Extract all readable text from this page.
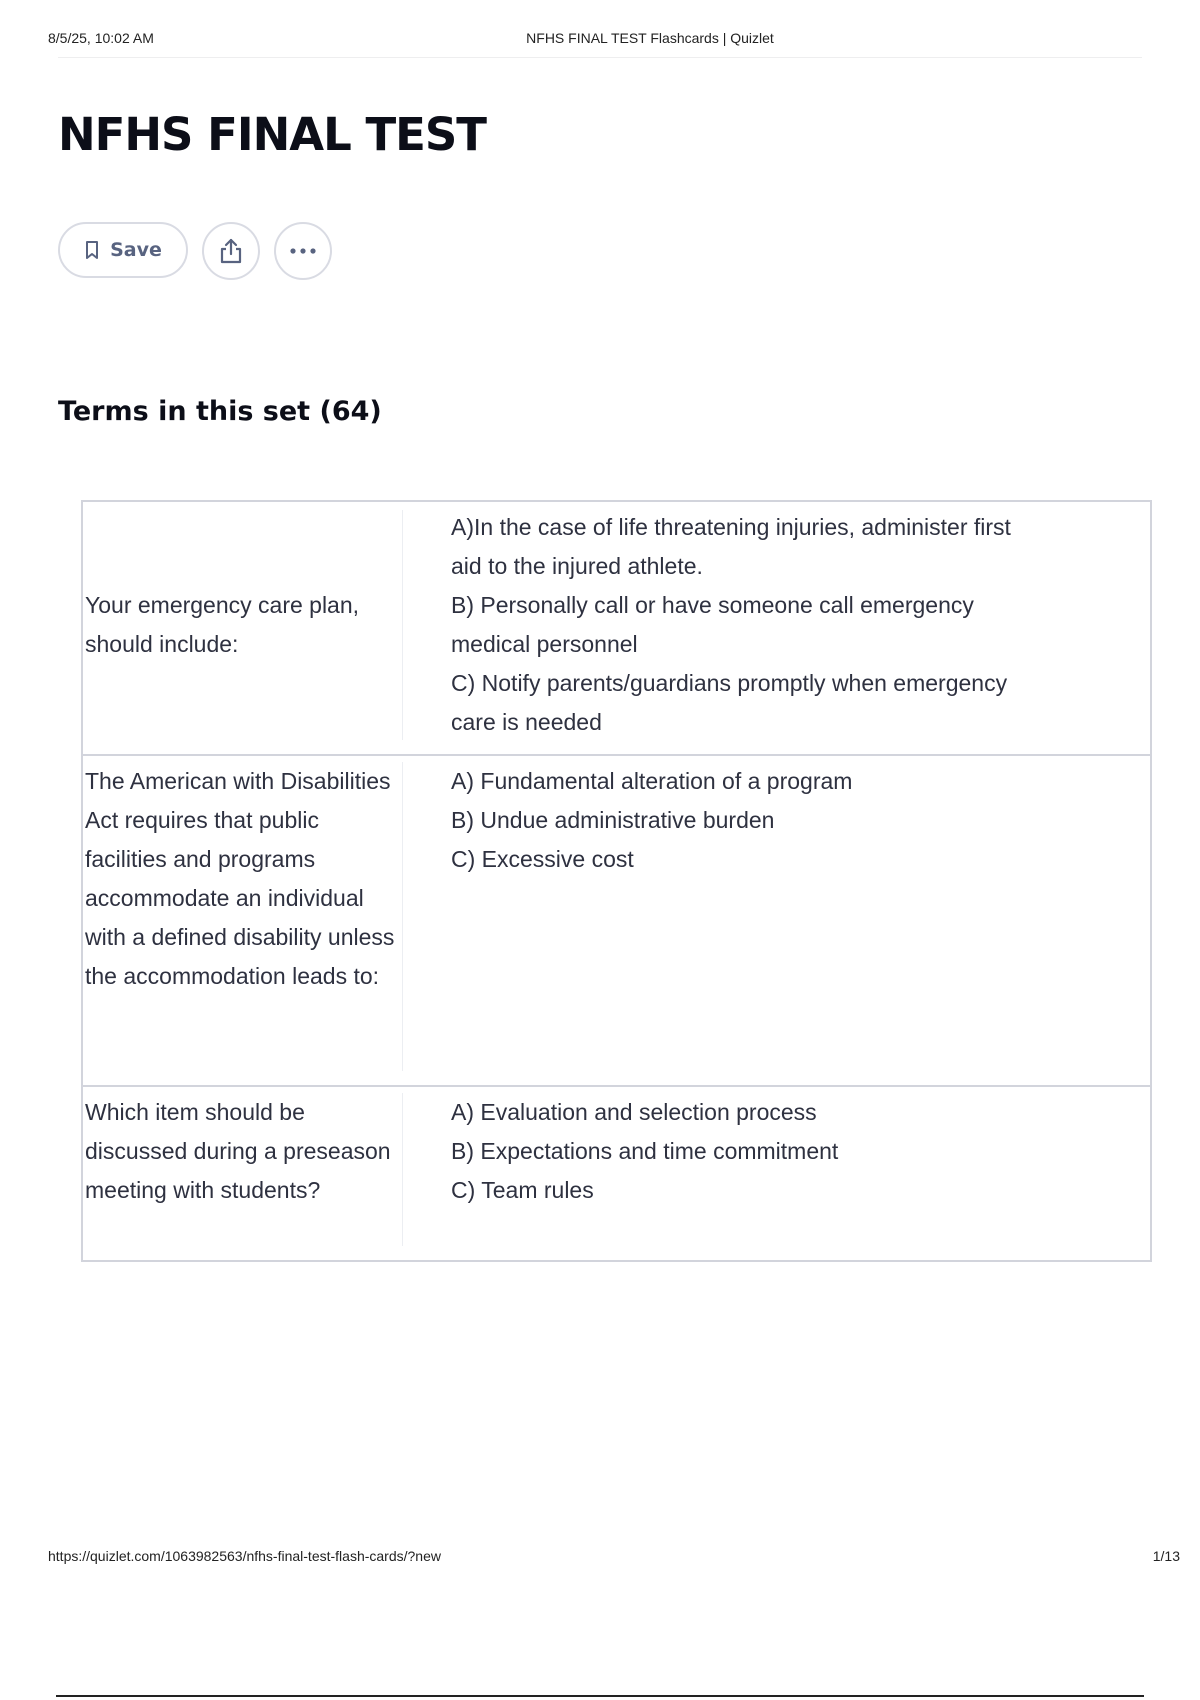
8/5/25, 10:02 AM	NFHS FINAL TEST Flashcards | Quizlet
NFHS FINAL TEST
Save
Terms in this set (64)
Your emergency care plan, should include:
A)In the case of life threatening injuries, administer first aid to the injured athlete.
B) Personally call or have someone call emergency medical personnel
C) Notify parents/guardians promptly when emergency care is needed
The American with Disabilities Act requires that public facilities and programs accommodate an individual with a defined disability unless the accommodation leads to:
A) Fundamental alteration of a program
B) Undue administrative burden
C) Excessive cost
Which item should be discussed during a preseason meeting with students?
A) Evaluation and selection process
B) Expectations and time commitment
C) Team rules
https://quizlet.com/1063982563/nfhs-final-test-flash-cards/?new	1/13
